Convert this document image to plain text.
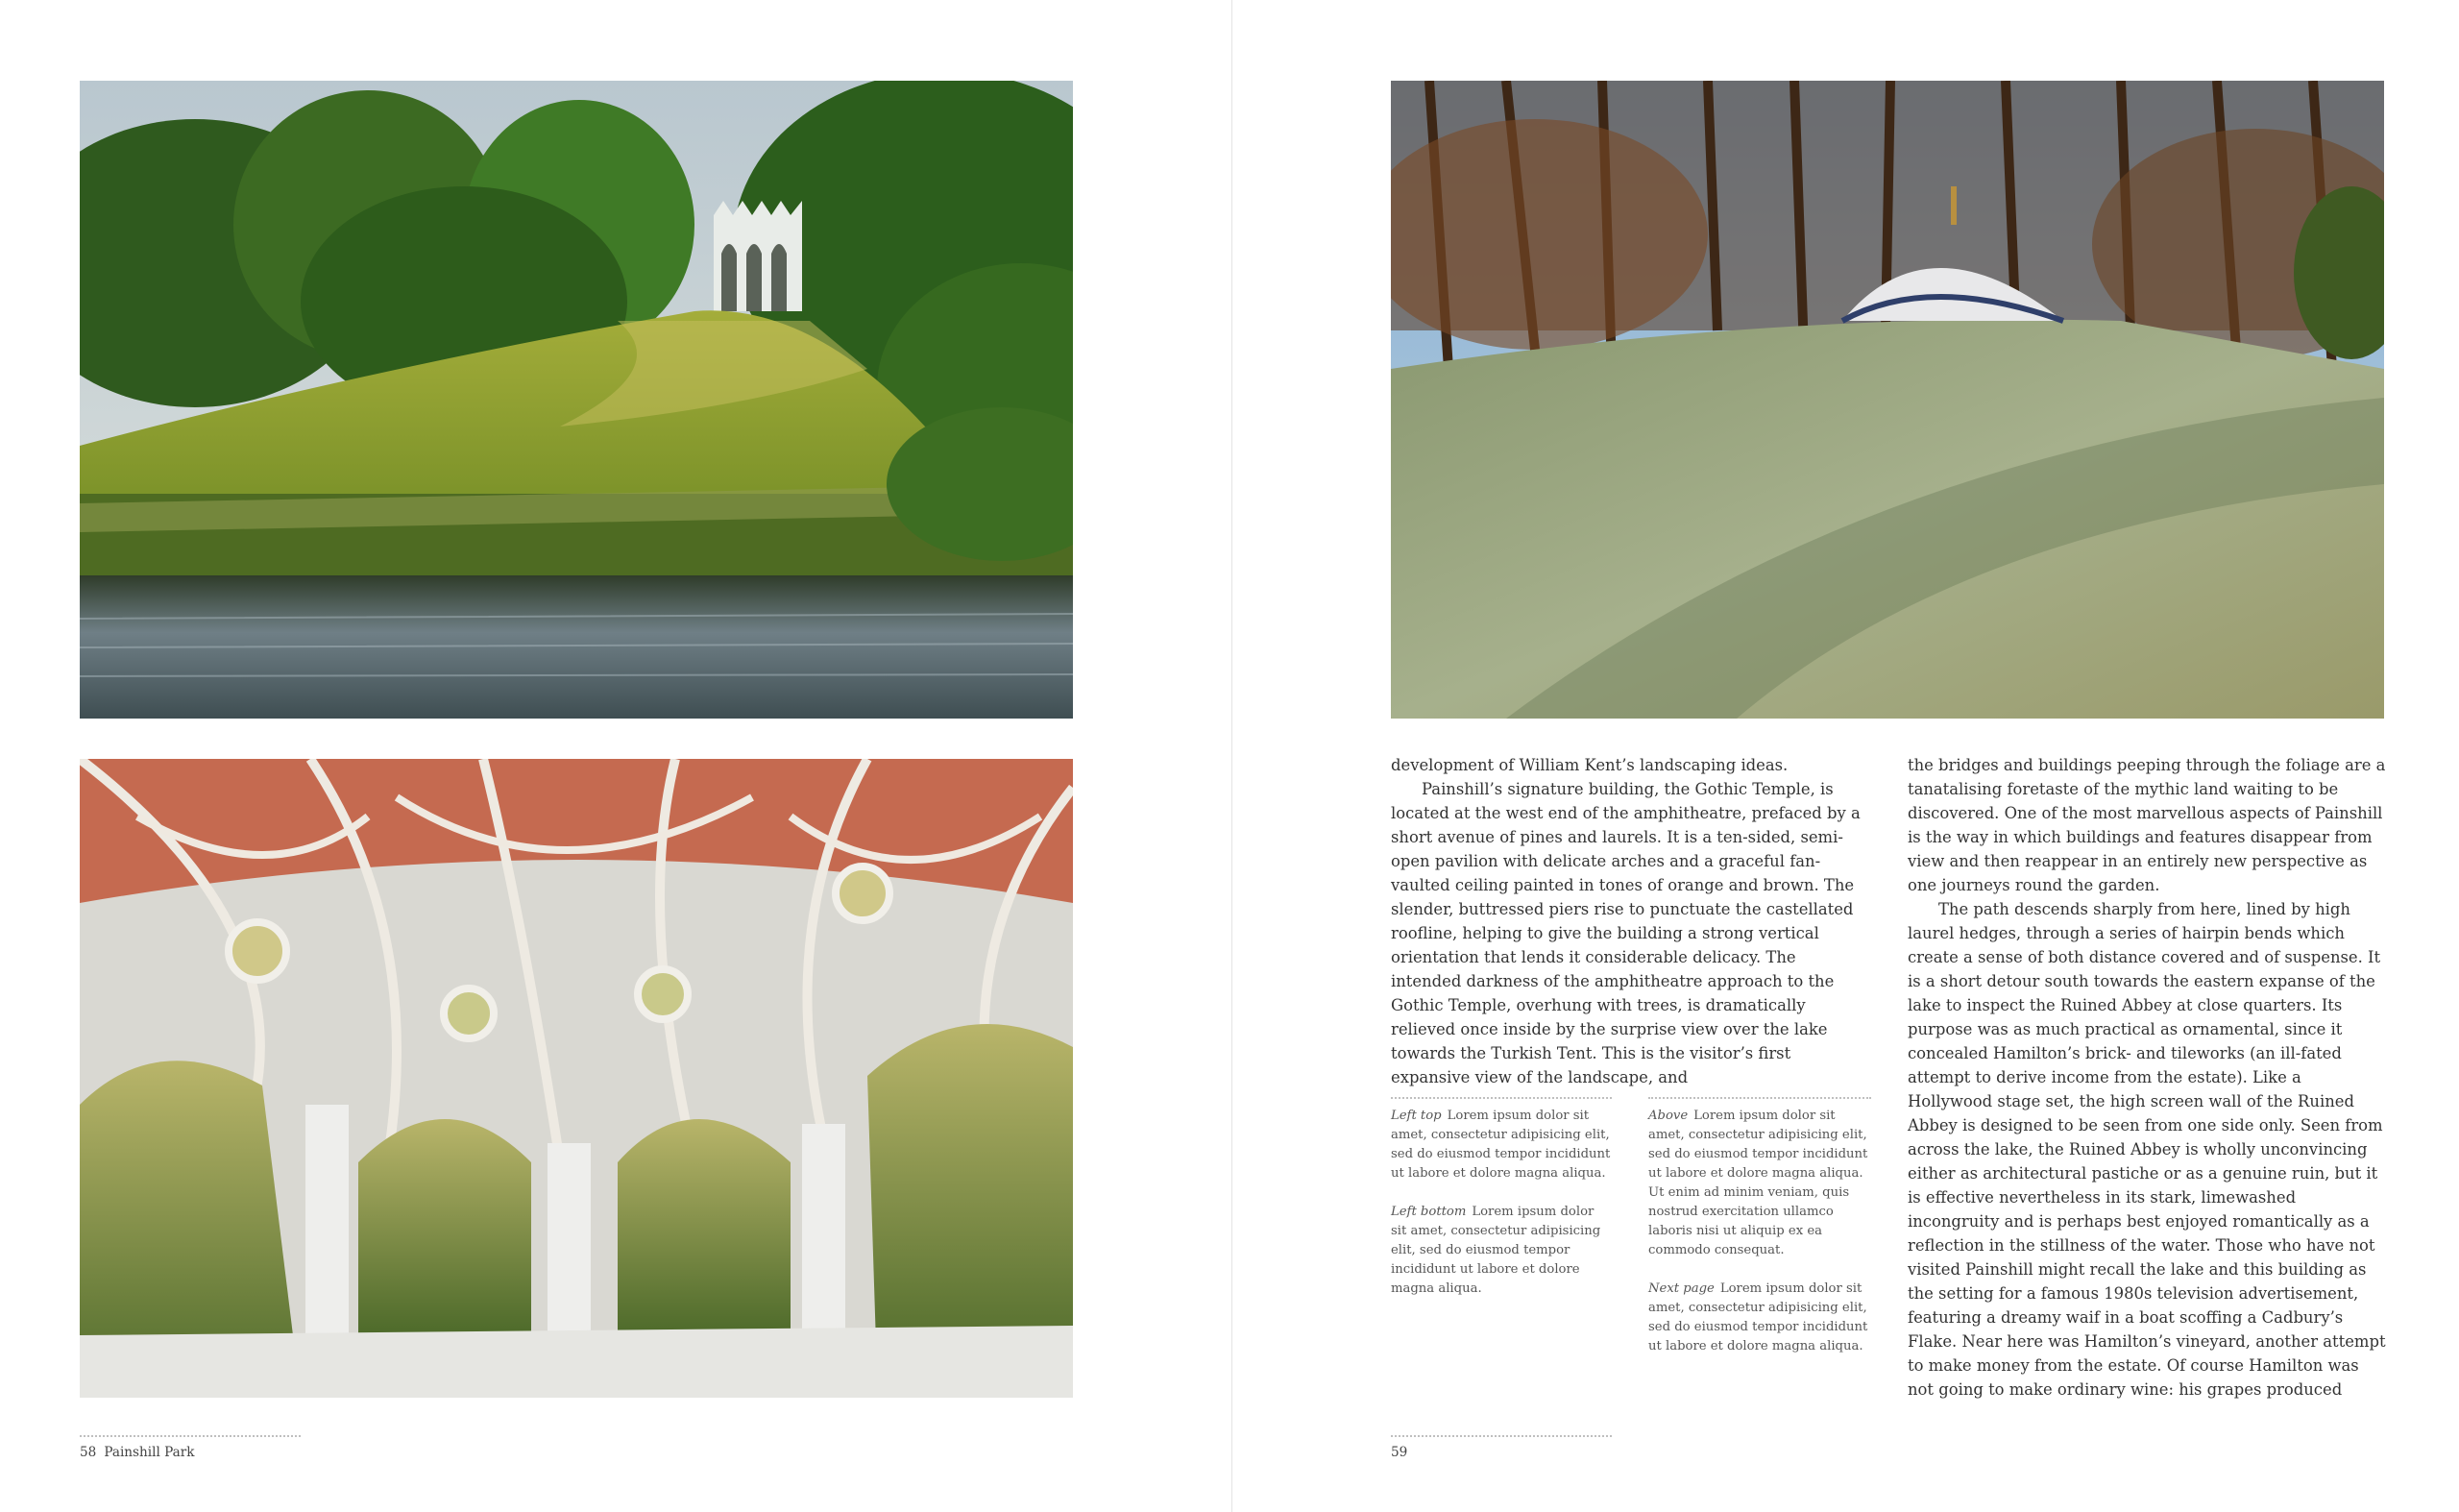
development of William Kent’s landscaping ideas.

Painshill’s signature building, the Gothic Temple, is located at the west end of the amphitheatre, prefaced by a short avenue of pines and laurels. It is a ten-sided, semi-open pavilion with delicate arches and a graceful fan-vaulted ceiling painted in tones of orange and brown. The slender, buttressed piers rise to punctuate the castellated roofline, helping to give the building a strong vertical orientation that lends it considerable delicacy. The intended darkness of the amphitheatre approach to the Gothic Temple, overhung with trees, is dramatically relieved once inside by the surprise view over the lake towards the Turkish Tent. This is the visitor’s first expansive view of the landscape, and

the bridges and buildings peeping through the foliage are a tanatalising foretaste of the mythic land waiting to be discovered. One of the most marvellous aspects of Painshill is the way in which buildings and features disappear from view and then reappear in an entirely new perspective as one journeys round the garden.

The path descends sharply from here, lined by high laurel hedges, through a series of hairpin bends which create a sense of both distance covered and of suspense. It is a short detour south towards the eastern expanse of the lake to inspect the Ruined Abbey at close quarters. Its purpose was as much practical as ornamental, since it concealed Hamilton’s brick- and tileworks (an ill-fated attempt to derive income from the estate). Like a Hollywood stage set, the high screen wall of the Ruined Abbey is designed to be seen from one side only. Seen from across the lake, the Ruined Abbey is wholly unconvincing either as architectural pastiche or as a genuine ruin, but it is effective nevertheless in its stark, limewashed incongruity and is perhaps best enjoyed romantically as a reflection in the stillness of the water. Those who have not visited Painshill might recall the lake and this building as the setting for a famous 1980s television advertisement, featuring a dreamy waif in a boat scoffing a Cadbury’s Flake. Near here was Hamilton’s vineyard, another attempt to make money from the estate. Of course Hamilton was not going to make ordinary wine: his grapes produced

Left top Lorem ipsum dolor sit amet, consectetur adipisicing elit, sed do eiusmod tempor incididunt ut labore et dolore magna aliqua.
Left bottom Lorem ipsum dolor sit amet, consectetur adipisicing elit, sed do eiusmod tempor incididunt ut labore et dolore magna aliqua.
Above Lorem ipsum dolor sit amet, consectetur adipisicing elit, sed do eiusmod tempor incididunt ut labore et dolore magna aliqua. Ut enim ad minim veniam, quis nostrud exercitation ullamco laboris nisi ut aliquip ex ea commodo consequat.
Next page Lorem ipsum dolor sit amet, consectetur adipisicing elit, sed do eiusmod tempor incididunt ut labore et dolore magna aliqua.
58 Painshill Park	59
